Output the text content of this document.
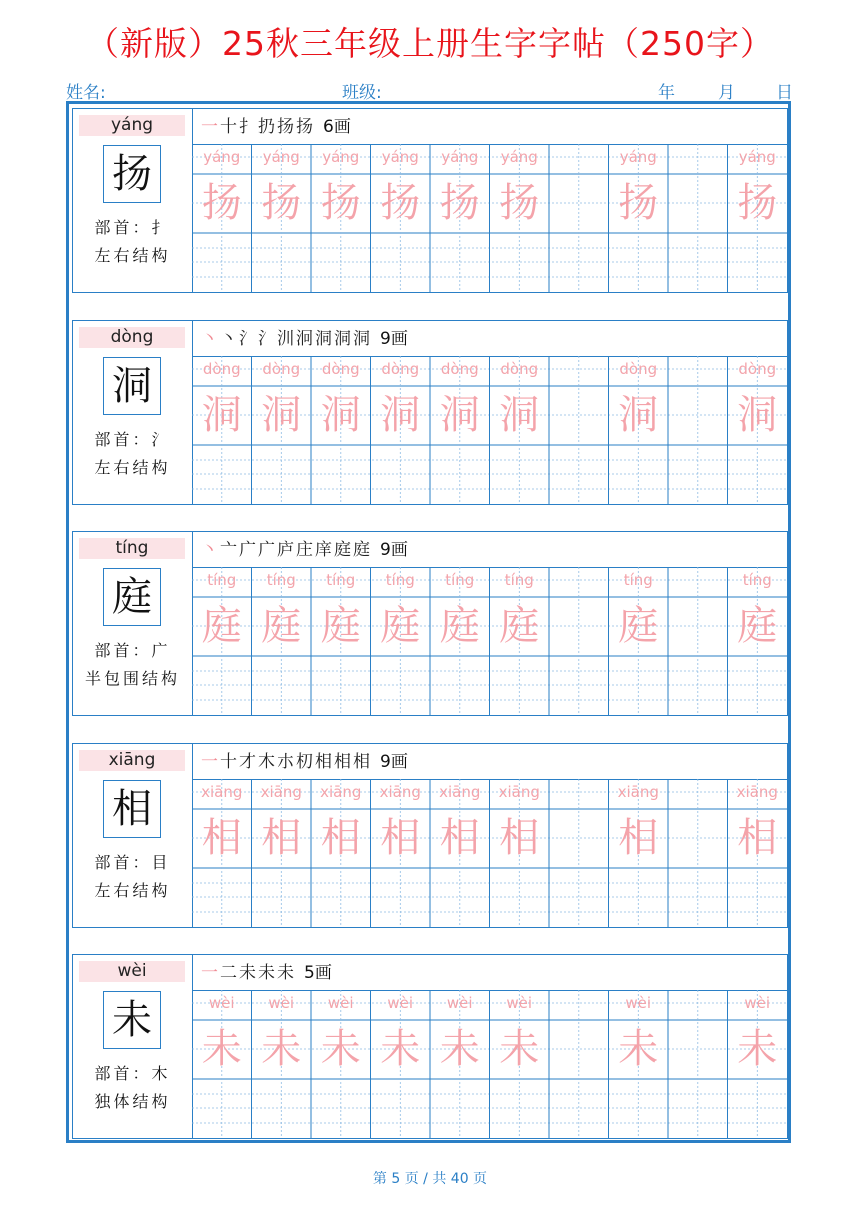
（新版）25秋三年级上册生字字帖（250字）
姓名:	班级:	年	月 日
yáng
扬
部首：扌
左右结构
一 十 扌 扔 扬 扬 6画
yáng
扬
yáng
扬
yáng
扬
yáng
扬
yáng
扬
yáng
扬
yáng
扬
yáng
扬
dòng
洞
部首：氵
左右结构
丶 丶 氵 氵 汌 泂 洞 洞 洞 9画
dòng
洞
dòng
洞
dòng
洞
dòng
洞
dòng
洞
dòng
洞
dòng
洞
dòng
洞
tíng
庭
部首：广
半包围结构
丶 亠 广 广 庐 庄 庠 庭 庭 9画
tíng
庭
tíng
庭
tíng
庭
tíng
庭
tíng
庭
tíng
庭
tíng
庭
tíng
庭
xiāng
相
部首：目
左右结构
一 十 才 木 朩 朷 相 相 相 9画
xiāng
相
xiāng
相
xiāng
相
xiāng
相
xiāng
相
xiāng
相
xiāng
相
xiāng
相
wèi
未
部首：木
独体结构
一 二 未 未 未 5画
wèi
未
wèi
未
wèi
未
wèi
未
wèi
未
wèi
未
wèi
未
wèi
未
第 5 页 / 共 40 页
